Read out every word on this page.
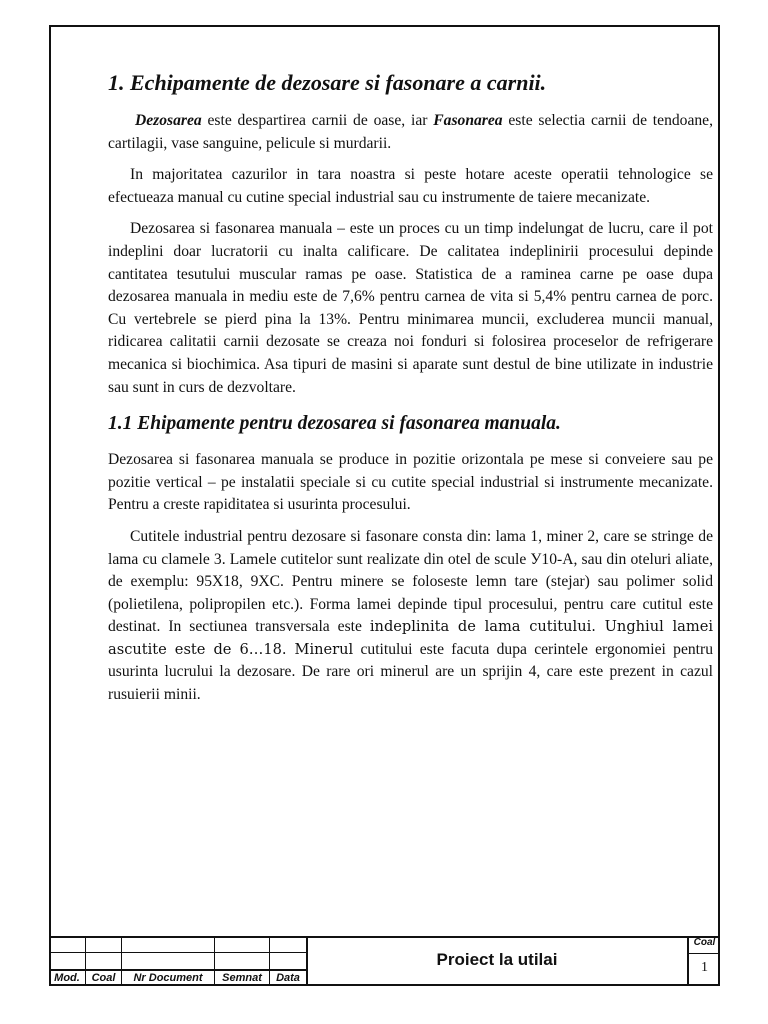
1. Echipamente de dezosare si fasonare a carnii.

Dezosarea este despartirea carnii de oase, iar Fasonarea este selectia carnii de tendoane, cartilagii, vase sanguine, pelicule si murdarii.

In majoritatea cazurilor in tara noastra si peste hotare aceste operatii tehnologice se efectueaza manual cu cutine special industrial sau cu instrumente de taiere mecanizate.

Dezosarea si fasonarea manuala – este un proces cu un timp indelungat de lucru, care il pot indeplini doar lucratorii cu inalta calificare. De calitatea indeplinirii procesului depinde cantitatea tesutului muscular ramas pe oase. Statistica de a raminea carne pe oase dupa dezosarea manuala in mediu este de 7,6% pentru carnea de vita si 5,4% pentru carnea de porc. Cu vertebrele se pierd pina la 13%. Pentru minimarea muncii, excluderea muncii manual, ridicarea calitatii carnii dezosate se creaza noi fonduri si folosirea proceselor de refrigerare mecanica si biochimica. Asa tipuri de masini si aparate sunt destul de bine utilizate in industrie sau sunt in curs de dezvoltare.

1.1 Ehipamente pentru dezosarea si fasonarea manuala.

Dezosarea si fasonarea manuala se produce in pozitie orizontala pe mese si conveiere sau pe pozitie vertical – pe instalatii speciale si cu cutite special industrial si instrumente mecanizate. Pentru a creste rapiditatea si usurinta procesului.

Cutitele industrial pentru dezosare si fasonare consta din: lama 1, miner 2, care se stringe de lama cu clamele 3. Lamele cutitelor sunt realizate din otel de scule У10-A, sau din oteluri aliate, de exemplu: 95X18, 9XC. Pentru minere se foloseste lemn tare (stejar) sau polimer solid (polietilena, polipropilen etc.). Forma lamei depinde tipul procesului, pentru care cutitul este destinat. In sectiunea transversala este indeplinita de lama cutitului. Unghiul lamei ascutite este de 6…18. Minerul cutitului este facuta dupa cerintele ergonomiei pentru usurinta lucrului la dezosare. De rare ori minerul are un sprijin 4, care este prezent in cazul rusuierii minii.

Mod.	Coal	Nr Document	Semnat	Data
Proiect la utilai
Coal
1
